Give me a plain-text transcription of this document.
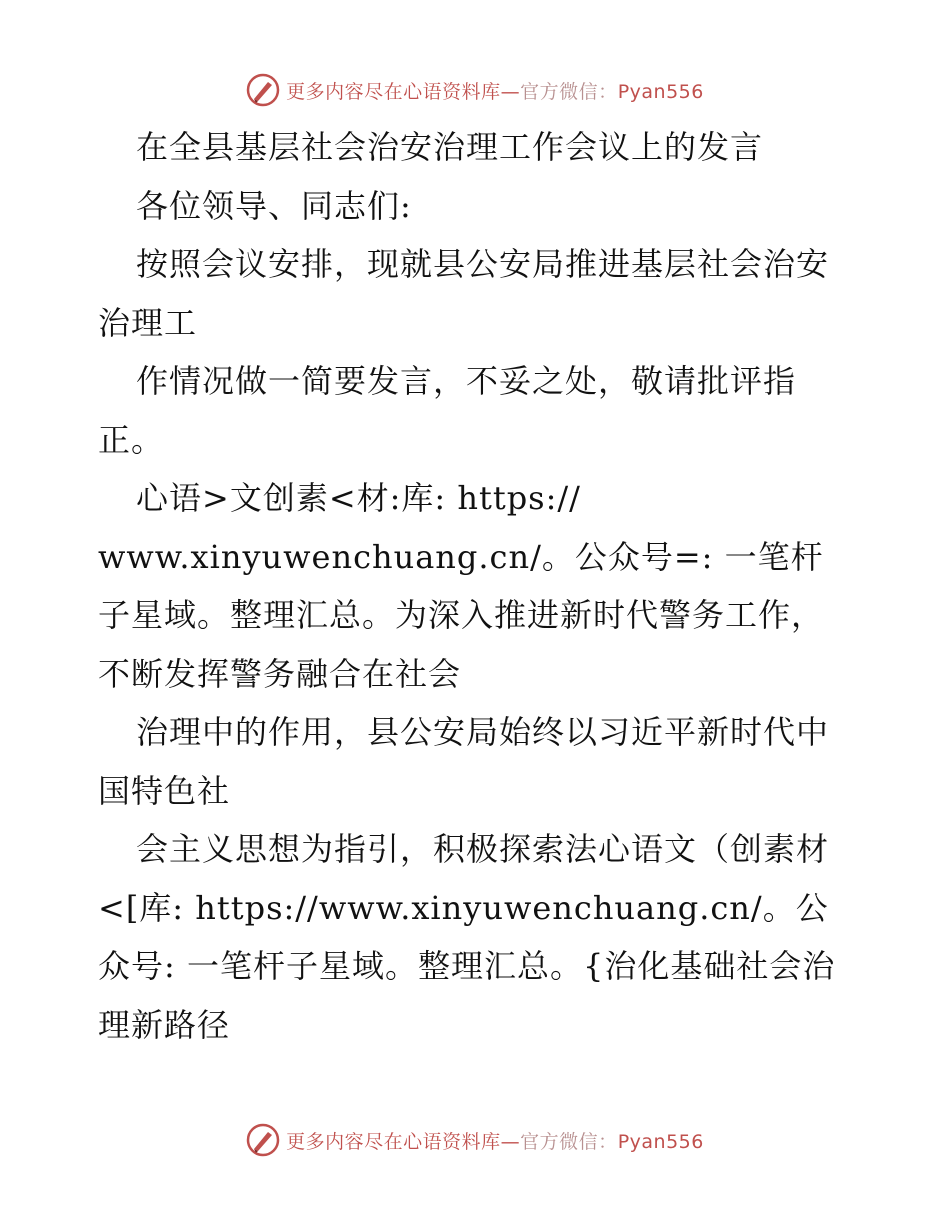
更多内容尽在心语资料库—官方微信：Pyan556

在全县基层社会治安治理工作会议上的发言

各位领导、同志们:

按照会议安排，现就县公安局推进基层社会治安治理工

作情况做一简要发言，不妥之处，敬请批评指正。

心语>文创素<材:库: https://

www.xinyuwenchuang.cn/。公众号=: 一笔杆子星域。整理汇总。为深入推进新时代警务工作，不断发挥警务融合在社会

治理中的作用，县公安局始终以习近平新时代中国特色社

会主义思想为指引，积极探索法心语文（创素材<[库: https://www.xinyuwenchuang.cn/。公众号: 一笔杆子星域。整理汇总。{治化基础社会治理新路径

更多内容尽在心语资料库—官方微信：Pyan556
